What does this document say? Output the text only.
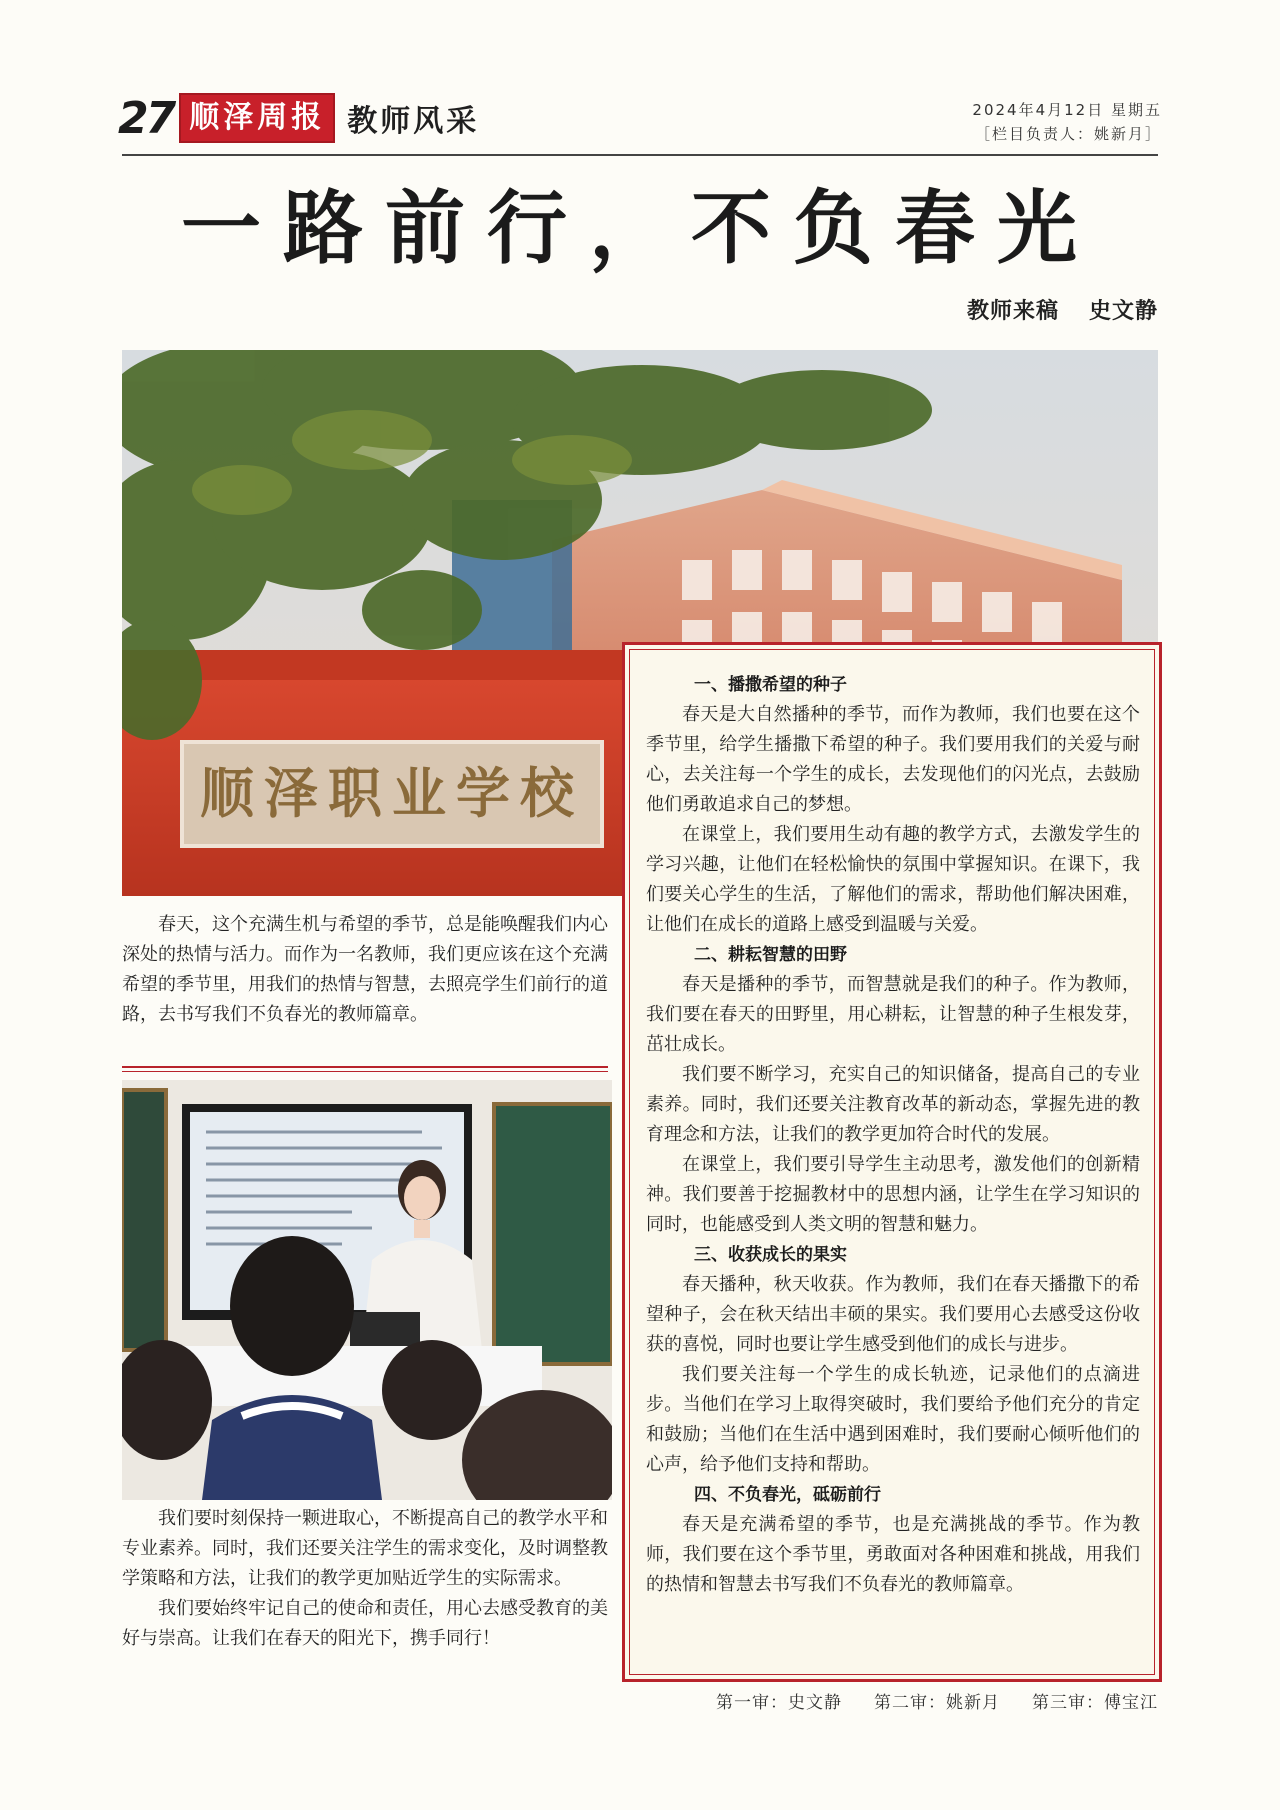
27 顺泽周报 教师风采	2024年4月12日 星期五
［栏目负责人：姚新月］
一路前行，不负春光
教师来稿 史文静
顺泽职业学校

春天，这个充满生机与希望的季节，总是能唤醒我们内心深处的热情与活力。而作为一名教师，我们更应该在这个充满希望的季节里，用我们的热情与智慧，去照亮学生们前行的道路，去书写我们不负春光的教师篇章。

我们要时刻保持一颗进取心，不断提高自己的教学水平和专业素养。同时，我们还要关注学生的需求变化，及时调整教学策略和方法，让我们的教学更加贴近学生的实际需求。

我们要始终牢记自己的使命和责任，用心去感受教育的美好与崇高。让我们在春天的阳光下，携手同行！

一、播撒希望的种子

春天是大自然播种的季节，而作为教师，我们也要在这个季节里，给学生播撒下希望的种子。我们要用我们的关爱与耐心，去关注每一个学生的成长，去发现他们的闪光点，去鼓励他们勇敢追求自己的梦想。

在课堂上，我们要用生动有趣的教学方式，去激发学生的学习兴趣，让他们在轻松愉快的氛围中掌握知识。在课下，我们要关心学生的生活，了解他们的需求，帮助他们解决困难，让他们在成长的道路上感受到温暖与关爱。

二、耕耘智慧的田野

春天是播种的季节，而智慧就是我们的种子。作为教师，我们要在春天的田野里，用心耕耘，让智慧的种子生根发芽，茁壮成长。

我们要不断学习，充实自己的知识储备，提高自己的专业素养。同时，我们还要关注教育改革的新动态，掌握先进的教育理念和方法，让我们的教学更加符合时代的发展。

在课堂上，我们要引导学生主动思考，激发他们的创新精神。我们要善于挖掘教材中的思想内涵，让学生在学习知识的同时，也能感受到人类文明的智慧和魅力。

三、收获成长的果实

春天播种，秋天收获。作为教师，我们在春天播撒下的希望种子，会在秋天结出丰硕的果实。我们要用心去感受这份收获的喜悦，同时也要让学生感受到他们的成长与进步。

我们要关注每一个学生的成长轨迹，记录他们的点滴进步。当他们在学习上取得突破时，我们要给予他们充分的肯定和鼓励；当他们在生活中遇到困难时，我们要耐心倾听他们的心声，给予他们支持和帮助。

四、不负春光，砥砺前行

春天是充满希望的季节，也是充满挑战的季节。作为教师，我们要在这个季节里，勇敢面对各种困难和挑战，用我们的热情和智慧去书写我们不负春光的教师篇章。

第一审：史文静 第二审：姚新月 第三审：傅宝江
